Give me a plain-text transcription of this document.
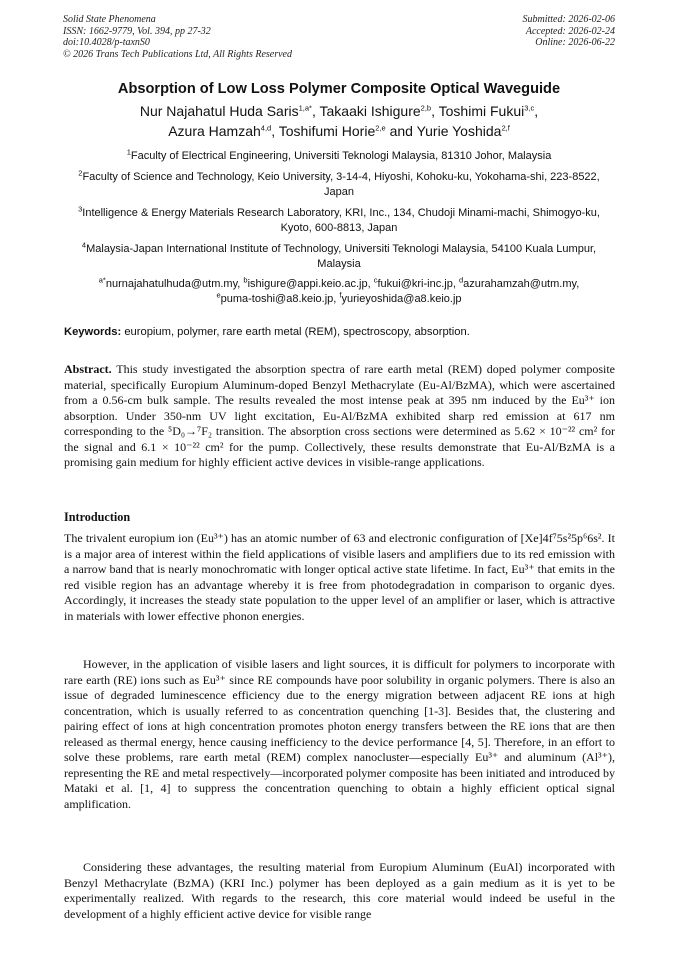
Solid State Phenomena
ISSN: 1662-9779, Vol. 394, pp 27-32
doi:10.4028/p-taxnS0
© 2026 Trans Tech Publications Ltd, All Rights Reserved
Submitted: 2026-02-06
Accepted: 2026-02-24
Online: 2026-06-22
Absorption of Low Loss Polymer Composite Optical Waveguide
Nur Najahatul Huda Saris$^{1,a*}$, Takaaki Ishigure$^{2,b}$, Toshimi Fukui$^{3,c}$,
Azura Hamzah$^{4,d}$, Toshifumi Horie$^{2,e}$ and Yurie Yoshida$^{2,f}$
$^1$Faculty of Electrical Engineering, Universiti Teknologi Malaysia, 81310 Johor, Malaysia
$^2$Faculty of Science and Technology, Keio University, 3-14-4, Hiyoshi, Kohoku-ku, Yokohama-shi, 223-8522, Japan
$^3$Intelligence & Energy Materials Research Laboratory, KRI, Inc., 134, Chudoji Minami-machi, Shimogyo-ku, Kyoto, 600-8813, Japan
$^4$Malaysia-Japan International Institute of Technology, Universiti Teknologi Malaysia, 54100 Kuala Lumpur, Malaysia
$^{a*}$nurnajahatulhuda@utm.my, $^b$ishigure@appi.keio.ac.jp, $^c$fukui@kri-inc.jp, $^d$azurahamzah@utm.my,
$^e$puma-toshi@a8.keio.jp, $^f$yurieyoshida@a8.keio.jp
Keywords: europium, polymer, rare earth metal (REM), spectroscopy, absorption.
Abstract. This study investigated the absorption spectra of rare earth metal (REM) doped polymer composite material, specifically Europium Aluminum-doped Benzyl Methacrylate (Eu-Al/BzMA), which were ascertained from a 0.56-cm bulk sample. The results revealed the most intense peak at 395 nm induced by the Eu³⁺ ion absorption. Under 350-nm UV light excitation, Eu-Al/BzMA exhibited sharp red emission at 617 nm corresponding to the ⁵D₀→⁷F₂ transition. The absorption cross sections were determined as 5.62 × 10⁻²² cm² for the signal and 6.1 × 10⁻²² cm² for the pump. Collectively, these results demonstrate that Eu-Al/BzMA is a promising gain medium for highly efficient active devices in visible-range applications.
Introduction
The trivalent europium ion (Eu³⁺) has an atomic number of 63 and electronic configuration of [Xe]4f⁷5s²5p⁶6s². It is a major area of interest within the field applications of visible lasers and amplifiers due to its red emission with a narrow band that is nearly monochromatic with longer optical active state lifetime. In fact, Eu³⁺ that emits in the red visible region has an advantage whereby it is free from photodegradation in comparison to organic dyes. Accordingly, it increases the steady state population to the upper level of an amplifier or laser, which is attractive in materials with lower effective phonon energies.
However, in the application of visible lasers and light sources, it is difficult for polymers to incorporate with rare earth (RE) ions such as Eu³⁺ since RE compounds have poor solubility in organic polymers. There is also an issue of degraded luminescence efficiency due to the energy migration between adjacent RE ions at high concentration, which is usually referred to as concentration quenching [1-3]. Besides that, the clustering and pairing effect of ions at high concentration promotes photon energy transfers between the RE ions that are then released as thermal energy, hence causing inefficiency to the device performance [4, 5]. Therefore, in an effort to solve these problems, rare earth metal (REM) complex nanocluster—especially Eu³⁺ and aluminum (Al³⁺), representing the RE and metal respectively—incorporated polymer composite has been initiated and introduced by Mataki et al. [1, 4] to suppress the concentration quenching to obtain a highly efficient optical signal amplification.
Considering these advantages, the resulting material from Europium Aluminum (EuAl) incorporated with Benzyl Methacrylate (BzMA) (KRI Inc.) polymer has been deployed as a gain medium as it is yet to be experimentally realized. With regards to the research, this core material would indeed be useful in the development of a highly efficient active device for visible range
